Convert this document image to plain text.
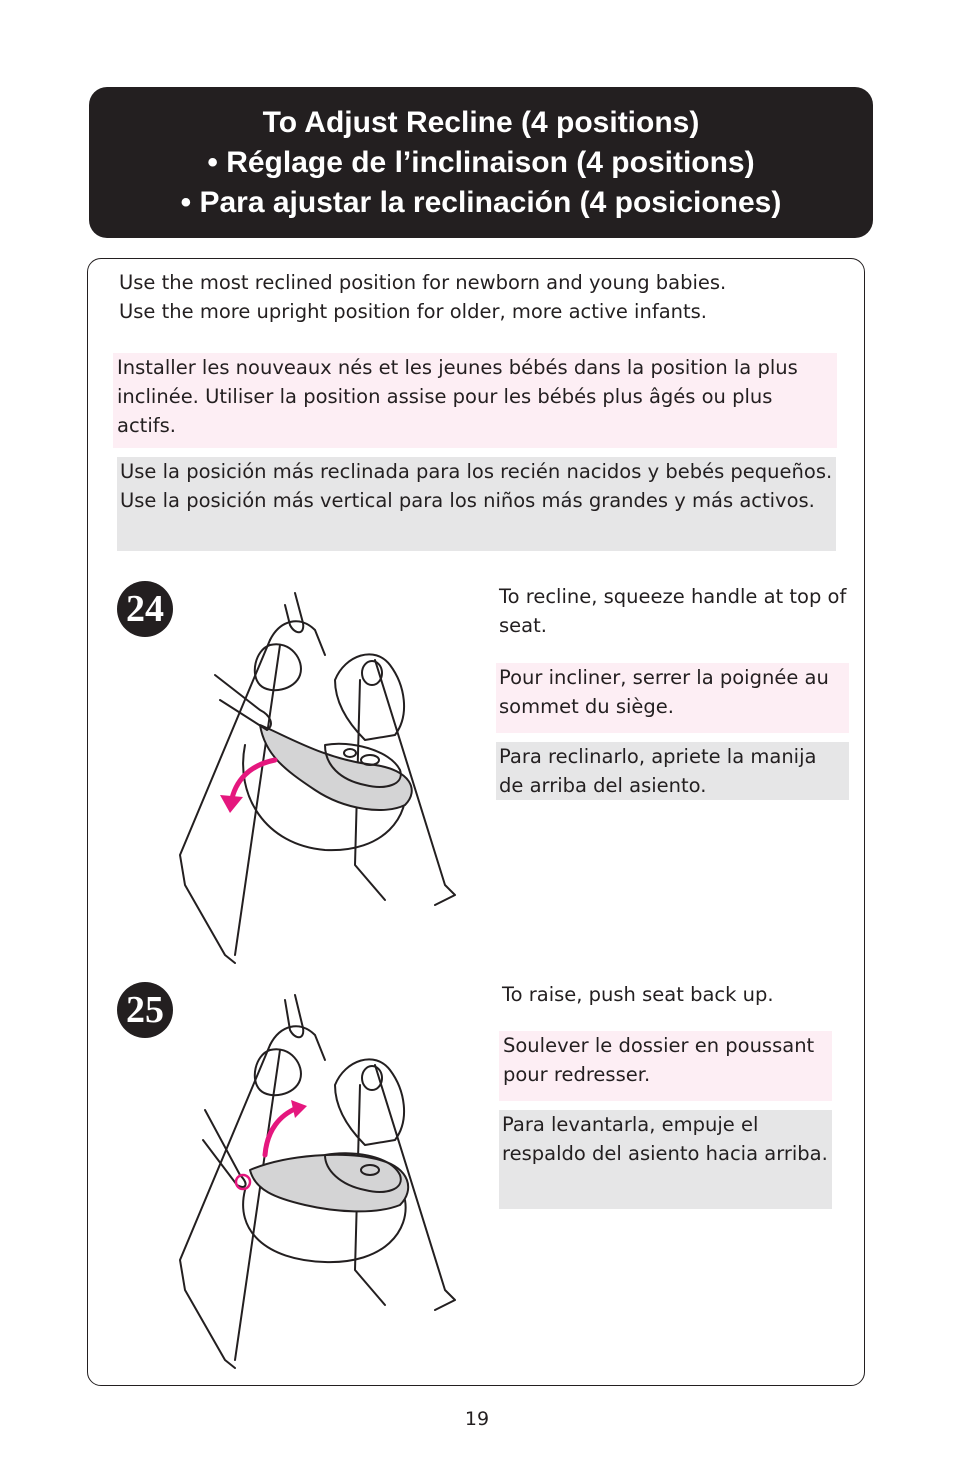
To Adjust Recline (4 positions)
• Réglage de l’inclinaison (4 positions)
• Para ajustar la reclinación (4 posiciones)
Use the most reclined position for newborn and young babies.
Use the more upright position for older, more active infants.
Installer les nouveaux nés et les jeunes bébés dans la position la plus inclinée. Utiliser la position assise pour les bébés plus âgés ou plus actifs.
Use la posición más reclinada para los recién nacidos y bebés pequeños. Use la posición más vertical para los niños más grandes y más activos.
24	To recline, squeeze handle at top of seat.
Pour incliner, serrer la poignée au sommet du siège.
Para reclinarlo, apriete la manija de arriba del asiento.
25	To raise, push seat back up.
Soulever le dossier en poussant pour redresser.
Para levantarla, empuje el respaldo del asiento hacia arriba.
19
